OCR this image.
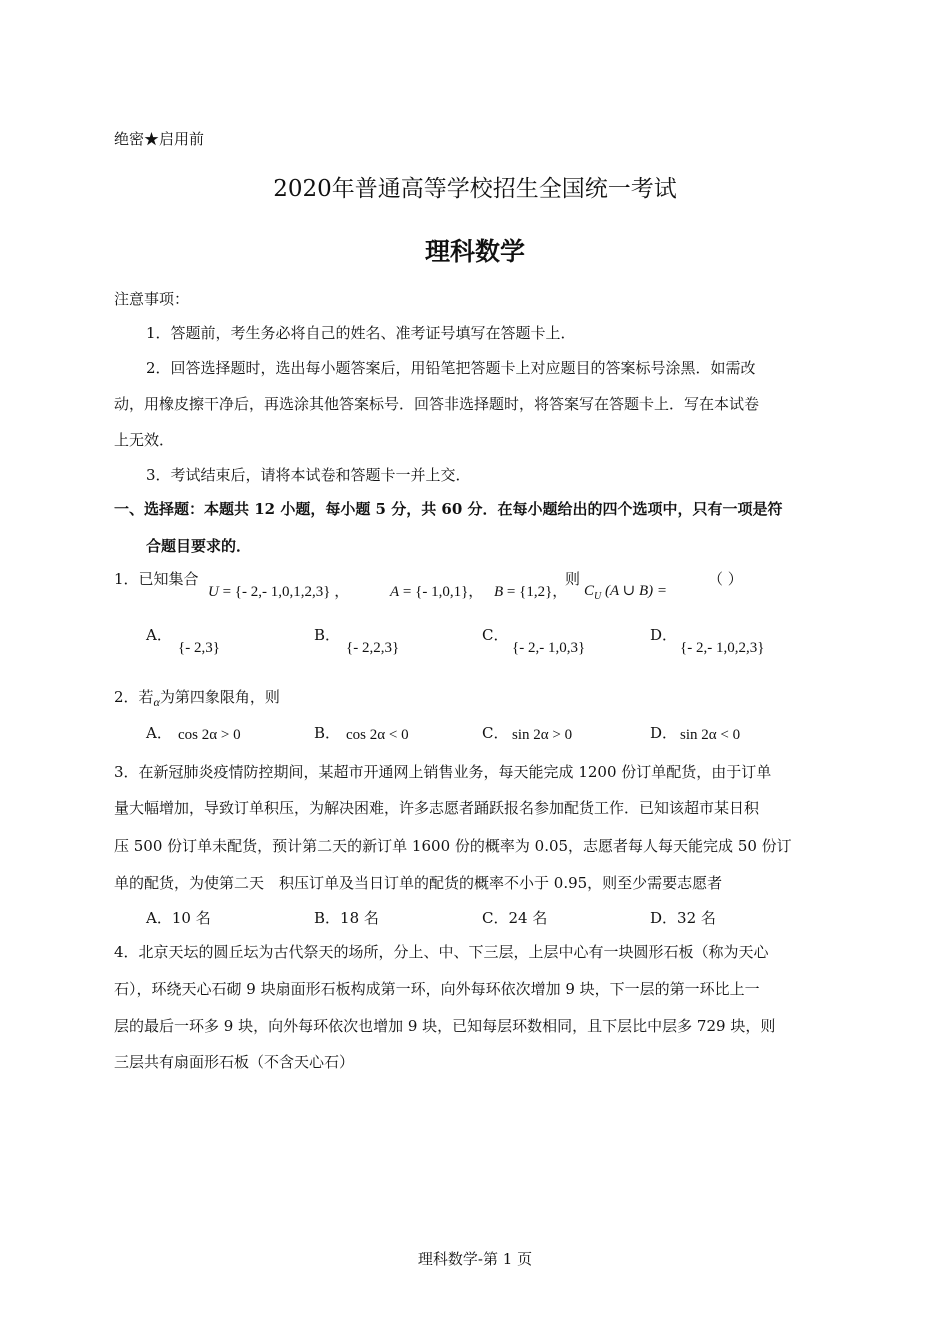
绝密★启用前
2020年普通高等学校招生全国统一考试
理科数学
注意事项：
1．答题前，考生务必将自己的姓名、准考证号填写在答题卡上．
2．回答选择题时，选出每小题答案后，用铅笔把答题卡上对应题目的答案标号涂黑．如需改
动，用橡皮擦干净后，再选涂其他答案标号．回答非选择题时，将答案写在答题卡上．写在本试卷
上无效．
3．考试结束后，请将本试卷和答题卡一并上交．
一、选择题：本题共 12 小题，每小题 5 分，共 60 分．在每小题给出的四个选项中，只有一项是符
合题目要求的．
1．已知集合
U = {- 2,- 1,0,1,2,3} ，	A = {- 1,0,1}， B = {1,2}，
则
$C_U$ (A ∪ B) =
（ ）
A．
{- 2,3}
B．
{- 2,2,3}
C．
{- 2,- 1,0,3}
D．
{- 2,- 1,0,2,3}
2．若$_\alpha$为第四象限角，则
A． cos 2α > 0	B． cos 2α < 0	C． sin 2α > 0	D． sin 2α < 0
3．在新冠肺炎疫情防控期间，某超市开通网上销售业务，每天能完成 1200 份订单配货，由于订单
量大幅增加，导致订单积压，为解决困难，许多志愿者踊跃报名参加配货工作．已知该超市某日积
压 500 份订单未配货，预计第二天的新订单 1600 份的概率为 0.05，志愿者每人每天能完成 50 份订
单的配货，为使第二天　积压订单及当日订单的配货的概率不小于 0.95，则至少需要志愿者
A．10 名	B．18 名	C．24 名	D．32 名
4．北京天坛的圆丘坛为古代祭天的场所，分上、中、下三层，上层中心有一块圆形石板（称为天心
石），环绕天心石砌 9 块扇面形石板构成第一环，向外每环依次增加 9 块，下一层的第一环比上一
层的最后一环多 9 块，向外每环依次也增加 9 块，已知每层环数相同，且下层比中层多 729 块，则
三层共有扇面形石板（不含天心石）
理科数学-第 1 页
